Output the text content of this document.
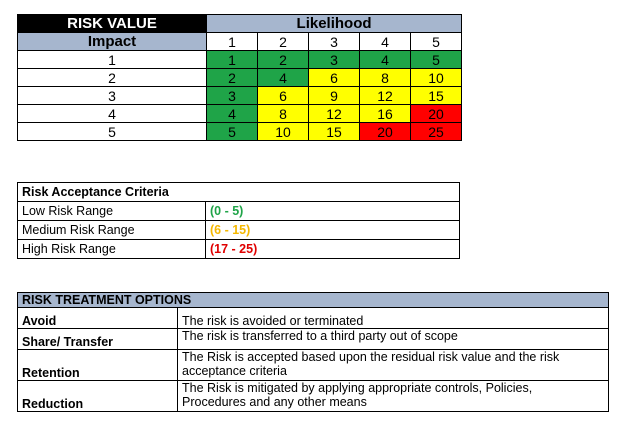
RISK VALUE	Likelihood				
Impact	1	2	3	4	5
1	1	2	3	4	5
2	2	4	6	8	10
3	3	6	9	12	15
4	4	8	12	16	20
5	5	10	15	20	25
Risk Acceptance Criteria	
Low Risk Range	(0 - 5)
Medium Risk Range	(6 - 15)
High Risk Range	(17 - 25)
RISK TREATMENT OPTIONS	
Avoid	The risk is avoided or terminated

Share/ Transfer	The risk is transferred to a third party out of scope

Retention	The Risk is accepted based upon the residual risk value and the risk
acceptance criteria

Reduction	The Risk is mitigated by applying appropriate controls, Policies,
Procedures and any other means
